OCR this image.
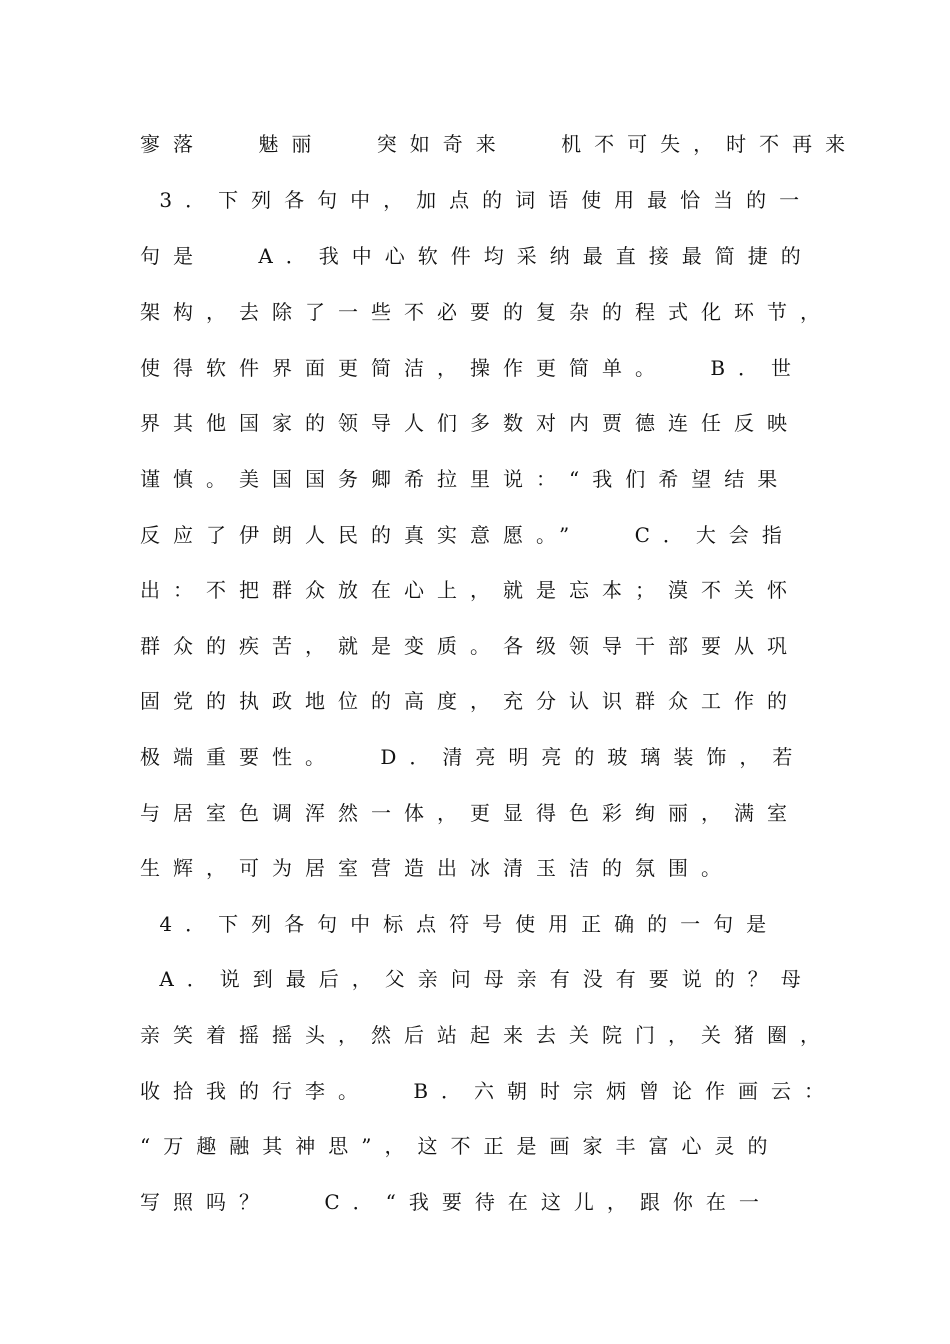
寥落　 魅丽　 突如奇来　 机不可失，时不再来
3．下列各句中，加点的词语使用最恰当的一
句是　 A．我中心软件均采纳最直接最简捷的
架构，去除了一些不必要的复杂的程式化环节，
使得软件界面更简洁，操作更简单。　 B．世
界其他国家的领导人们多数对内贾德连任反映
谨慎。美国国务卿希拉里说：“我们希望结果
反应了伊朗人民的真实意愿。”　 C．大会指
出：不把群众放在心上，就是忘本；漠不关怀
群众的疾苦，就是变质。各级领导干部要从巩
固党的执政地位的高度，充分认识群众工作的
极端重要性。　 D．清亮明亮的玻璃装饰，若
与居室色调浑然一体，更显得色彩绚丽，满室
生辉，可为居室营造出冰清玉洁的氛围。
4．下列各句中标点符号使用正确的一句是
A．说到最后，父亲问母亲有没有要说的？母
亲笑着摇摇头，然后站起来去关院门，关猪圈，
收拾我的行李。　 B．六朝时宗炳曾论作画云：
“万趣融其神思”，这不正是画家丰富心灵的
写照吗？　 C．“我要待在这儿，跟你在一
